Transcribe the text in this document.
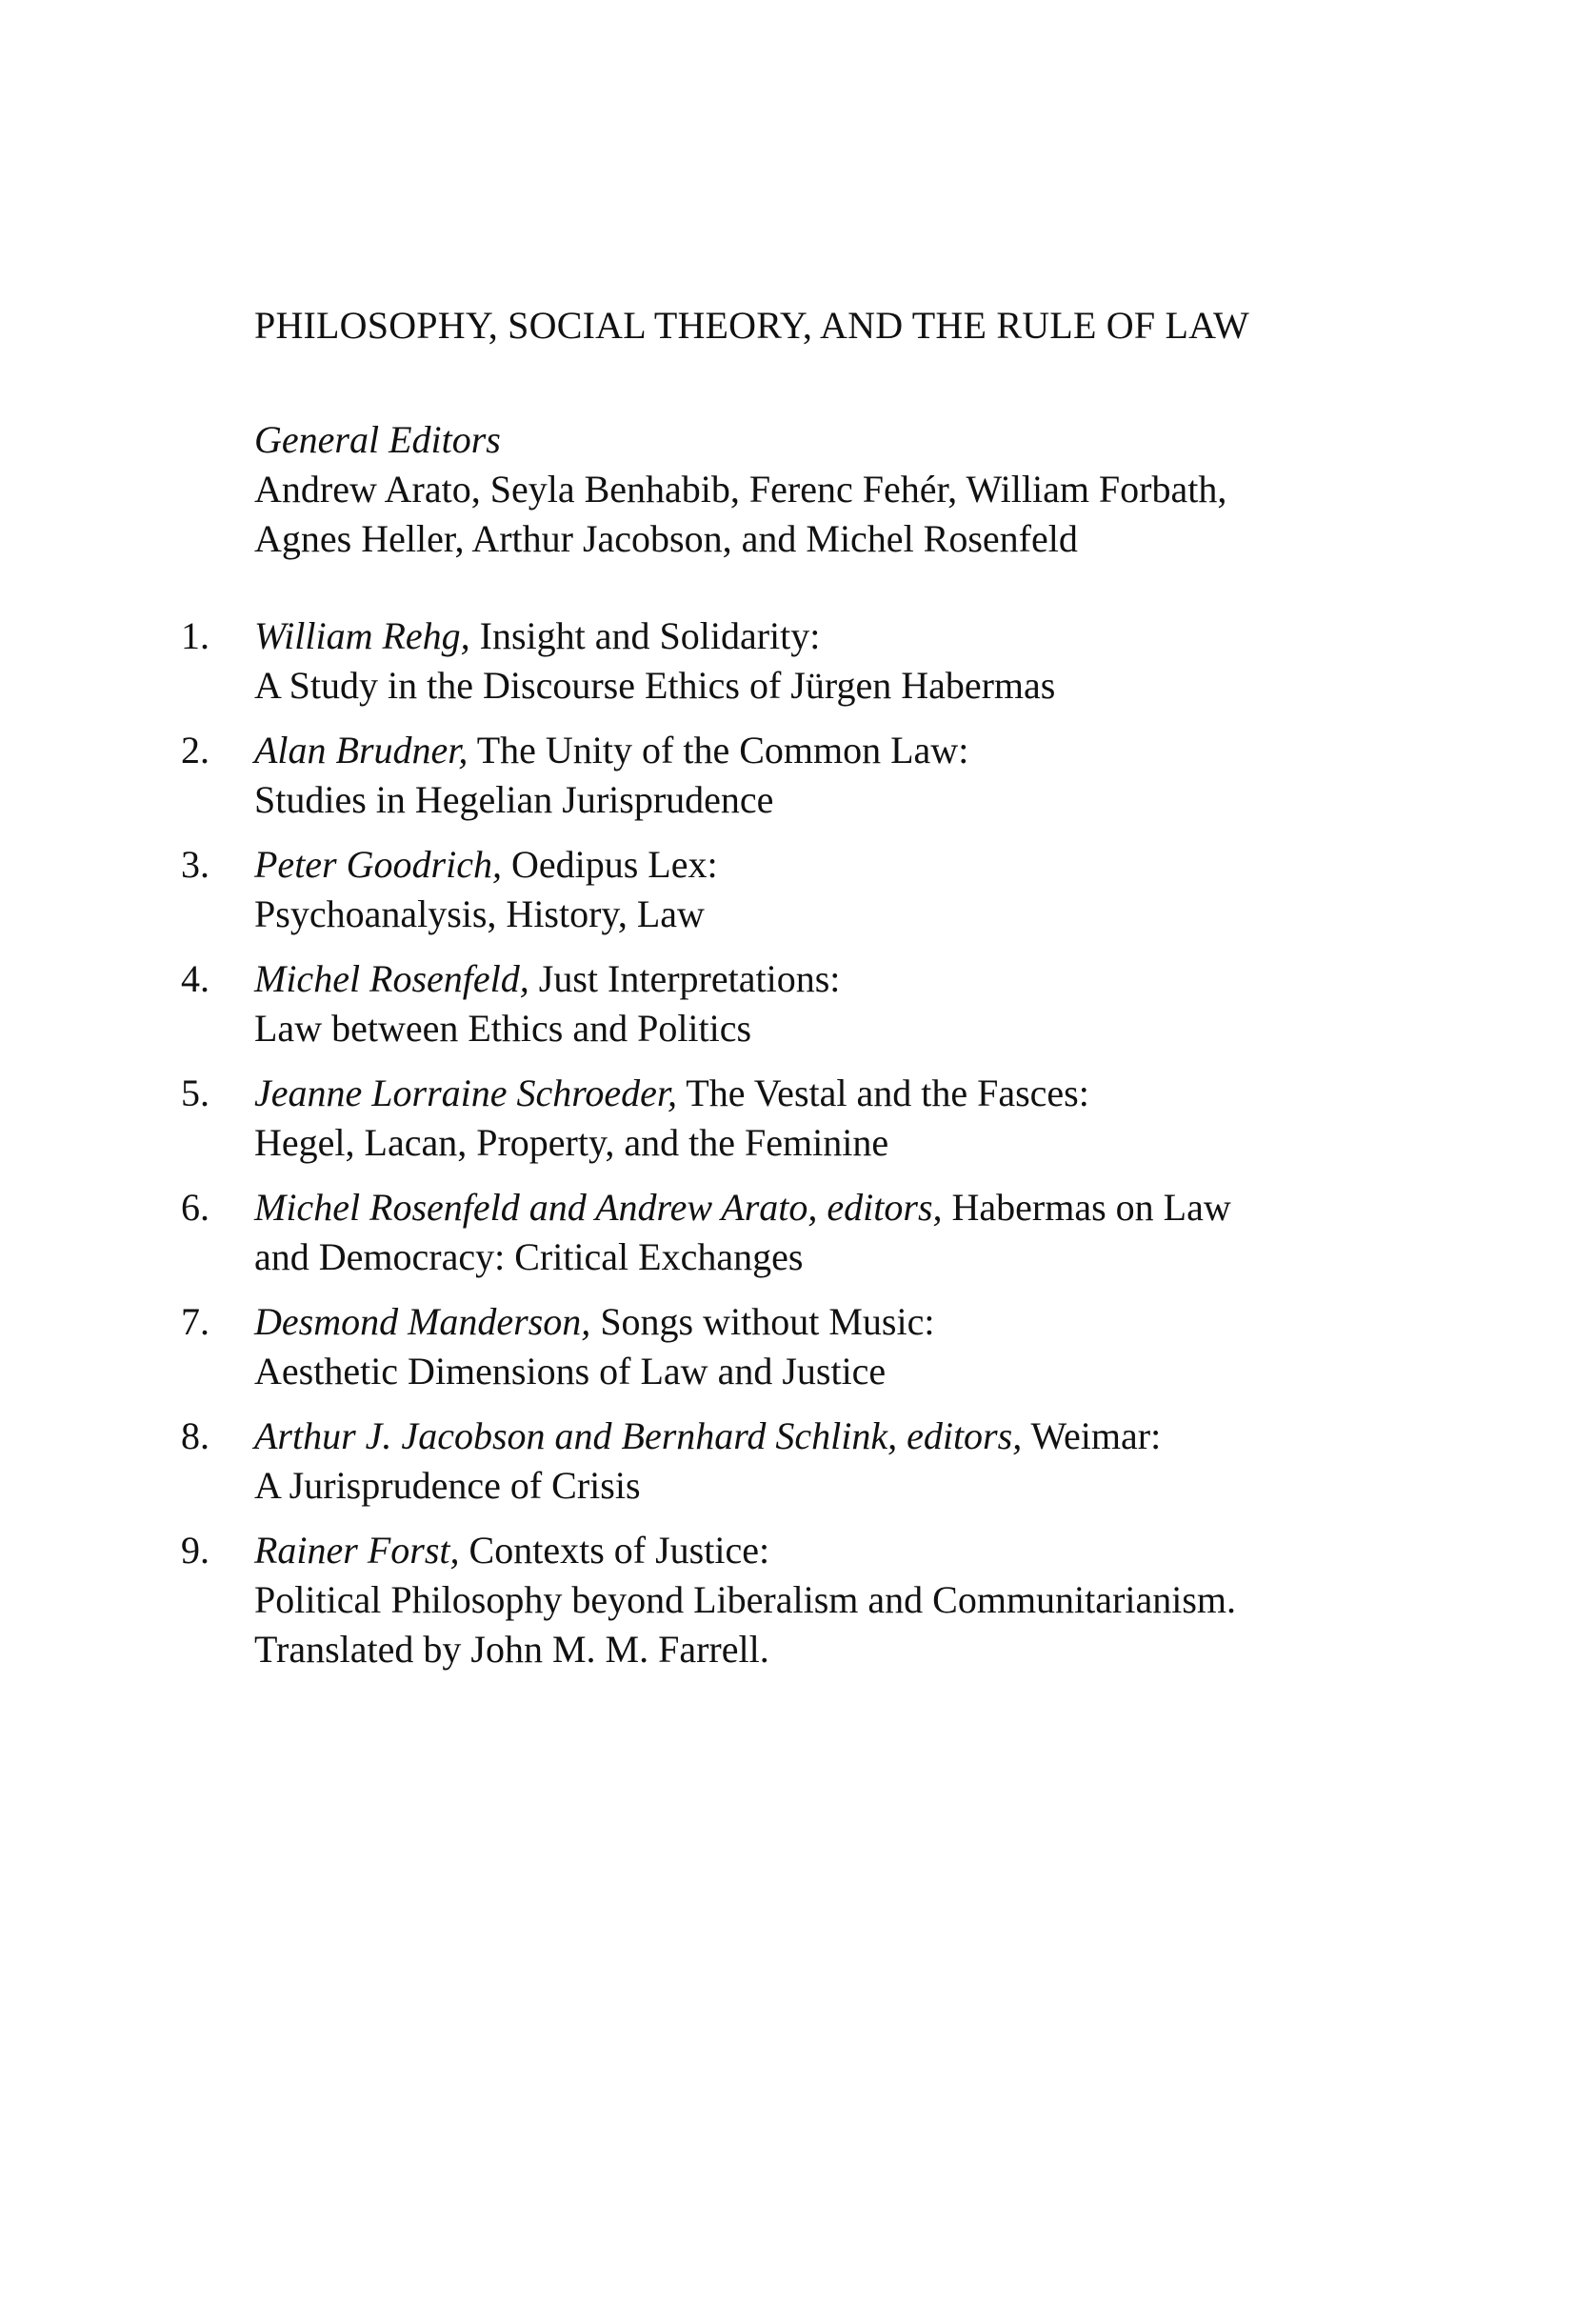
PHILOSOPHY, SOCIAL THEORY, AND THE RULE OF LAW
General Editors
Andrew Arato, Seyla Benhabib, Ferenc Fehér, William Forbath,
Agnes Heller, Arthur Jacobson, and Michel Rosenfeld
1.	William Rehg, Insight and Solidarity:
A Study in the Discourse Ethics of Jürgen Habermas
2.	Alan Brudner, The Unity of the Common Law:
Studies in Hegelian Jurisprudence
3.	Peter Goodrich, Oedipus Lex:
Psychoanalysis, History, Law
4.	Michel Rosenfeld, Just Interpretations:
Law between Ethics and Politics
5.	Jeanne Lorraine Schroeder, The Vestal and the Fasces:
Hegel, Lacan, Property, and the Feminine
6.	Michel Rosenfeld and Andrew Arato, editors, Habermas on Law
and Democracy: Critical Exchanges
7.	Desmond Manderson, Songs without Music:
Aesthetic Dimensions of Law and Justice
8.	Arthur J. Jacobson and Bernhard Schlink, editors, Weimar:
A Jurisprudence of Crisis
9.	Rainer Forst, Contexts of Justice:
Political Philosophy beyond Liberalism and Communitarianism.
Translated by John M. M. Farrell.
